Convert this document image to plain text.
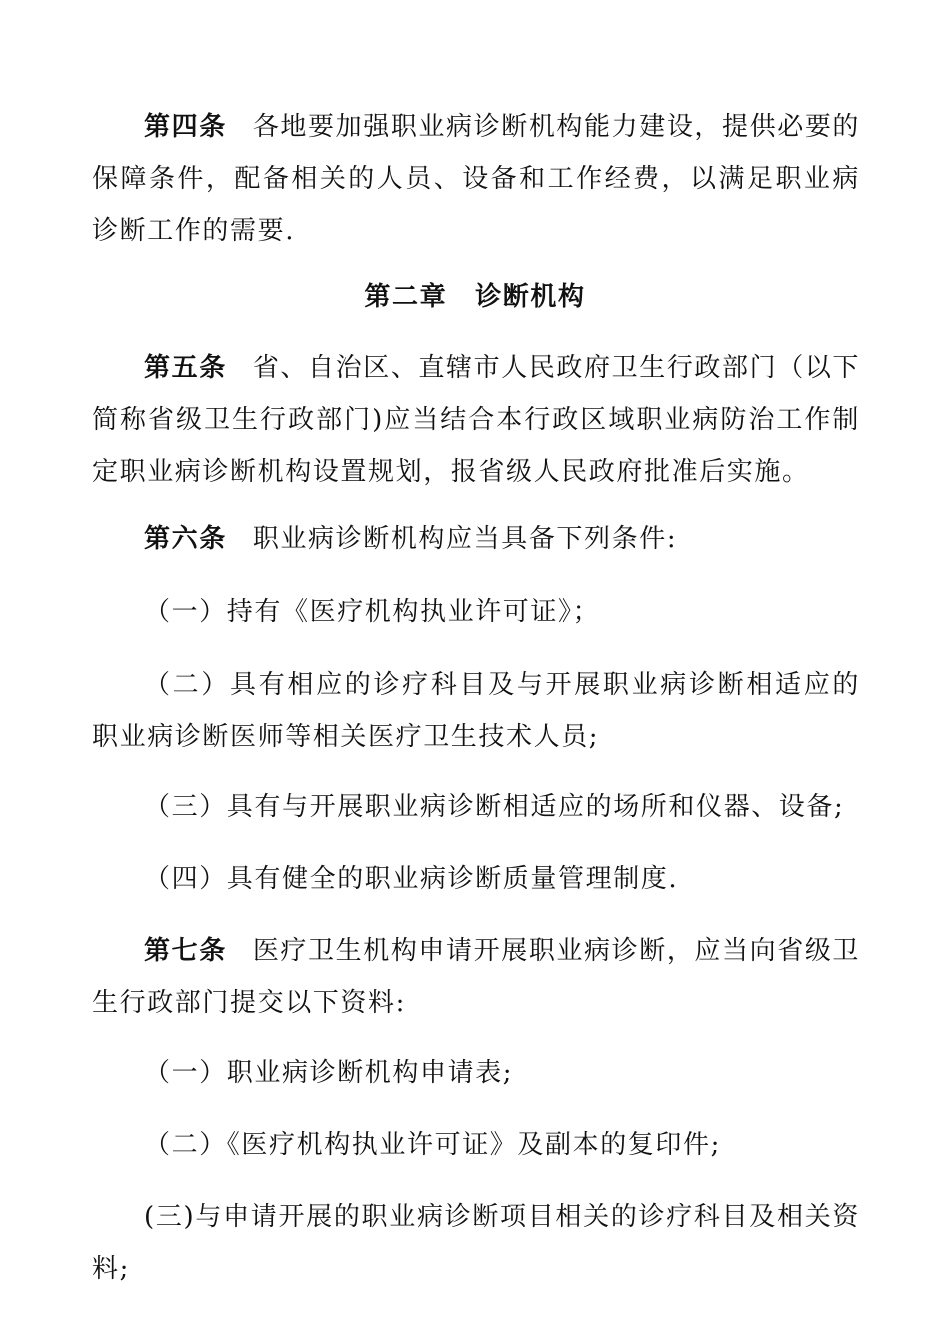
第四条 各地要加强职业病诊断机构能力建设，提供必要的保障条件，配备相关的人员、设备和工作经费，以满足职业病诊断工作的需要.

第二章 诊断机构

第五条 省、自治区、直辖市人民政府卫生行政部门（以下简称省级卫生行政部门)应当结合本行政区域职业病防治工作制定职业病诊断机构设置规划，报省级人民政府批准后实施。

第六条 职业病诊断机构应当具备下列条件:

（一）持有《医疗机构执业许可证》；

（二）具有相应的诊疗科目及与开展职业病诊断相适应的职业病诊断医师等相关医疗卫生技术人员;

（三）具有与开展职业病诊断相适应的场所和仪器、设备;

（四）具有健全的职业病诊断质量管理制度.

第七条 医疗卫生机构申请开展职业病诊断，应当向省级卫生行政部门提交以下资料:

（一）职业病诊断机构申请表;

（二）《医疗机构执业许可证》及副本的复印件;

(三)与申请开展的职业病诊断项目相关的诊疗科目及相关资料;
